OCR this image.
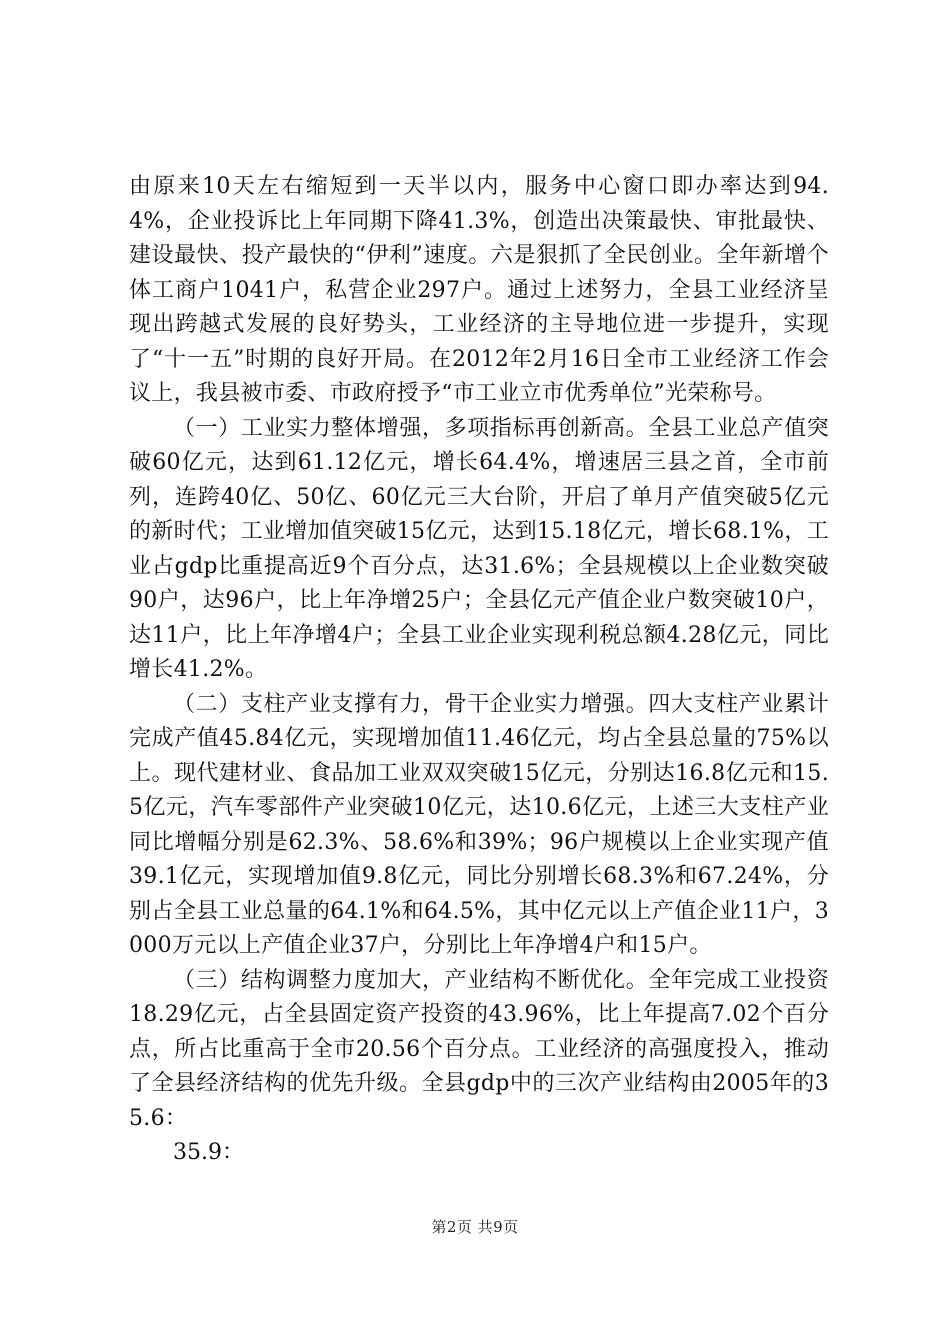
由原来10天左右缩短到一天半以内，服务中心窗口即办率达到94.4%，企业投诉比上年同期下降41.3%，创造出决策最快、审批最快、建设最快、投产最快的“伊利”速度。六是狠抓了全民创业。全年新增个体工商户1041户，私营企业297户。通过上述努力，全县工业经济呈现出跨越式发展的良好势头，工业经济的主导地位进一步提升，实现了“十一五”时期的良好开局。在2012年2月16日全市工业经济工作会议上，我县被市委、市政府授予“市工业立市优秀单位”光荣称号。

（一）工业实力整体增强，多项指标再创新高。全县工业总产值突破60亿元，达到61.12亿元，增长64.4%，增速居三县之首，全市前列，连跨40亿、50亿、60亿元三大台阶，开启了单月产值突破5亿元的新时代；工业增加值突破15亿元，达到15.18亿元，增长68.1%，工业占gdp比重提高近9个百分点，达31.6%；全县规模以上企业数突破90户，达96户，比上年净增25户；全县亿元产值企业户数突破10户，达11户，比上年净增4户；全县工业企业实现利税总额4.28亿元，同比增长41.2%。

（二）支柱产业支撑有力，骨干企业实力增强。四大支柱产业累计完成产值45.84亿元，实现增加值11.46亿元，均占全县总量的75%以上。现代建材业、食品加工业双双突破15亿元，分别达16.8亿元和15.5亿元，汽车零部件产业突破10亿元，达10.6亿元，上述三大支柱产业同比增幅分别是62.3%、58.6%和39%；96户规模以上企业实现产值39.1亿元，实现增加值9.8亿元，同比分别增长68.3%和67.24%，分别占全县工业总量的64.1%和64.5%，其中亿元以上产值企业11户，3000万元以上产值企业37户，分别比上年净增4户和15户。

（三）结构调整力度加大，产业结构不断优化。全年完成工业投资18.29亿元，占全县固定资产投资的43.96%，比上年提高7.02个百分点，所占比重高于全市20.56个百分点。工业经济的高强度投入，推动了全县经济结构的优先升级。全县gdp中的三次产业结构由2005年的35.6：

35.9：

第2页 共9页
